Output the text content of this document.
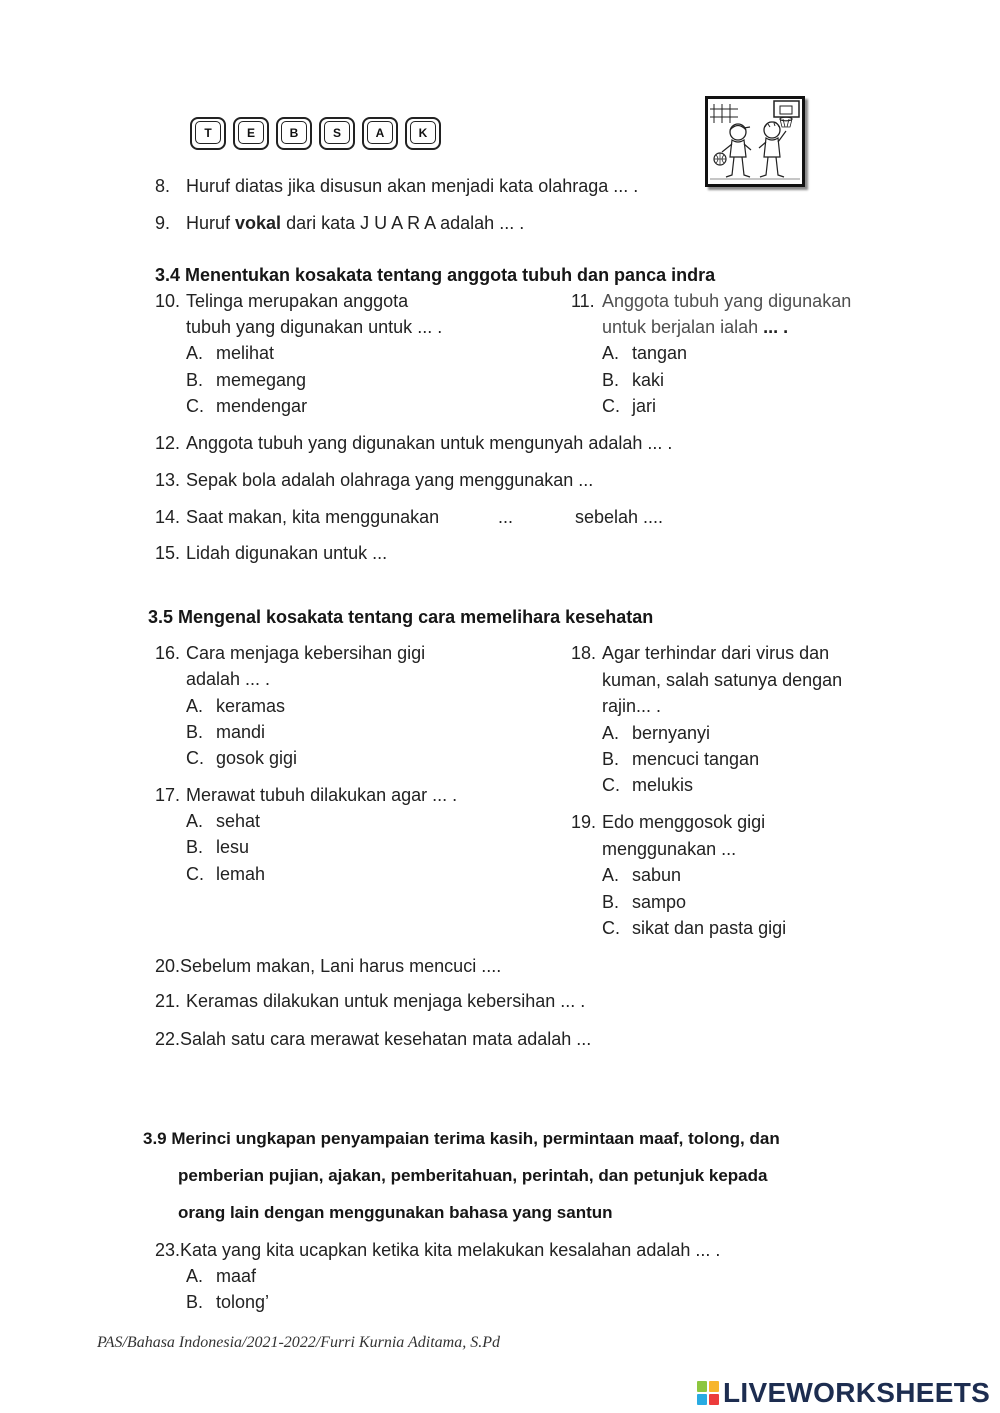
T	E	B	S	A	K
8. Huruf diatas jika disusun akan menjadi kata olahraga ... .
9. Huruf vokal dari kata J U A R A adalah ... .
3.4 Menentukan kosakata tentang anggota tubuh dan panca indra
10. Telinga merupakan anggota
tubuh yang digunakan untuk ... .
A. melihat
B. memegang
C. mendengar
11. Anggota tubuh yang digunakan
untuk berjalan ialah ... .
A. tangan
B. kaki
C. jari
12. Anggota tubuh yang digunakan untuk mengunyah adalah ... .
13. Sepak bola adalah olahraga yang menggunakan ...
14. Saat makan, kita menggunakan	...	sebelah ....
15. Lidah digunakan untuk ...
3.5 Mengenal kosakata tentang cara memelihara kesehatan
16. Cara menjaga kebersihan gigi
adalah ... .
A. keramas
B. mandi
C. gosok gigi
17. Merawat tubuh dilakukan agar ... .
A. sehat
B. lesu
C. lemah
18. Agar terhindar dari virus dan
kuman, salah satunya dengan
rajin... .
A. bernyanyi
B. mencuci tangan
C. melukis
19. Edo menggosok gigi
menggunakan ...
A. sabun
B. sampo
C. sikat dan pasta gigi
20.Sebelum makan, Lani harus mencuci ....
21. Keramas dilakukan untuk menjaga kebersihan ... .
22.Salah satu cara merawat kesehatan mata adalah ...
3.9 Merinci ungkapan penyampaian terima kasih, permintaan maaf, tolong, dan
pemberian pujian, ajakan, pemberitahuan, perintah, dan petunjuk kepada
orang lain dengan menggunakan bahasa yang santun
23.Kata yang kita ucapkan ketika kita melakukan kesalahan adalah ... .
A. maaf
B. tolong’
PAS/Bahasa Indonesia/2021-2022/Furri Kurnia Aditama, S.Pd
LIVEWORKSHEETS
